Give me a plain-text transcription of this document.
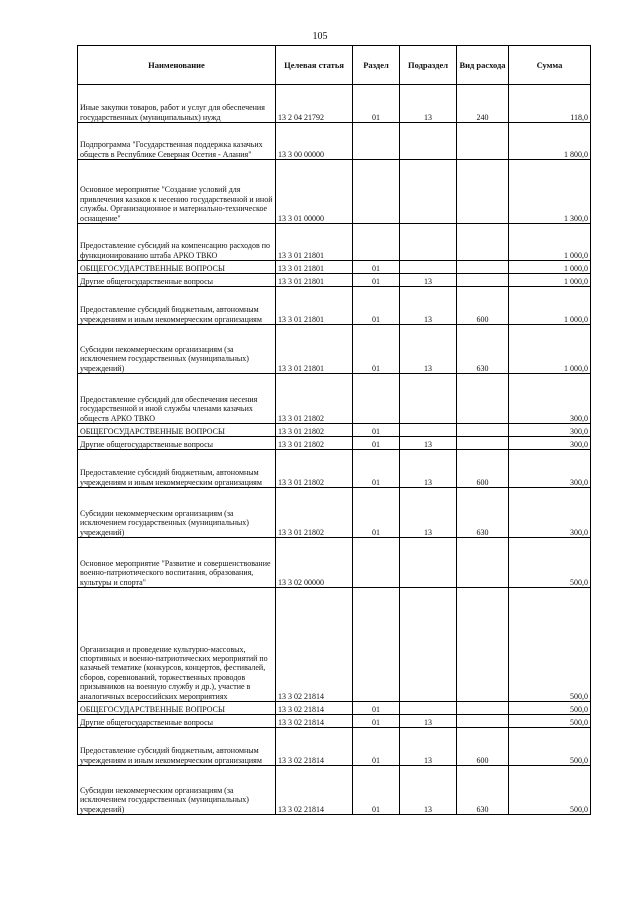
105
Наименование	Целевая статья	Раздел	Подраздел	Вид расхода	Сумма
Иные закупки товаров, работ и услуг для обеспечения государственных (муниципальных) нужд	13 2 04 21792	01	13	240	118,0
Подпрограмма "Государственная поддержка казачьих обществ в Республике Северная Осетия - Алания"	13 3 00 00000				1 800,0
Основное мероприятие "Создание условий для привлечения казаков к несению государственной и иной службы. Организационное и материально-техническое оснащение"	13 3 01 00000				1 300,0
Предоставление субсидий на компенсацию расходов по функционированию штаба АРКО ТВКО	13 3 01 21801				1 000,0
ОБЩЕГОСУДАРСТВЕННЫЕ ВОПРОСЫ	13 3 01 21801	01			1 000,0
Другие общегосударственные вопросы	13 3 01 21801	01	13		1 000,0
Предоставление субсидий бюджетным, автономным учреждениям и иным некоммерческим организациям	13 3 01 21801	01	13	600	1 000,0
Субсидии некоммерческим организациям (за исключением государственных (муниципальных) учреждений)	13 3 01 21801	01	13	630	1 000,0
Предоставление субсидий для обеспечения несения государственной и иной службы членами казачьих обществ АРКО ТВКО	13 3 01 21802				300,0
ОБЩЕГОСУДАРСТВЕННЫЕ ВОПРОСЫ	13 3 01 21802	01			300,0
Другие общегосударственные вопросы	13 3 01 21802	01	13		300,0
Предоставление субсидий бюджетным, автономным учреждениям и иным некоммерческим организациям	13 3 01 21802	01	13	600	300,0
Субсидии некоммерческим организациям (за исключением государственных (муниципальных) учреждений)	13 3 01 21802	01	13	630	300,0
Основное мероприятие "Развитие и совершенствование военно-патриотического воспитания, образования, культуры и спорта"	13 3 02 00000				500,0
Организация и проведение культурно-массовых, спортивных и военно-патриотических мероприятий по казачьей тематике (конкурсов, концертов, фестивалей, сборов, соревнований, торжественных проводов призывников на военную службу и др.), участие в аналогичных всероссийских мероприятиях	13 3 02 21814				500,0
ОБЩЕГОСУДАРСТВЕННЫЕ ВОПРОСЫ	13 3 02 21814	01			500,0
Другие общегосударственные вопросы	13 3 02 21814	01	13		500,0
Предоставление субсидий бюджетным, автономным учреждениям и иным некоммерческим организациям	13 3 02 21814	01	13	600	500,0
Субсидии некоммерческим организациям (за исключением государственных (муниципальных) учреждений)	13 3 02 21814	01	13	630	500,0
